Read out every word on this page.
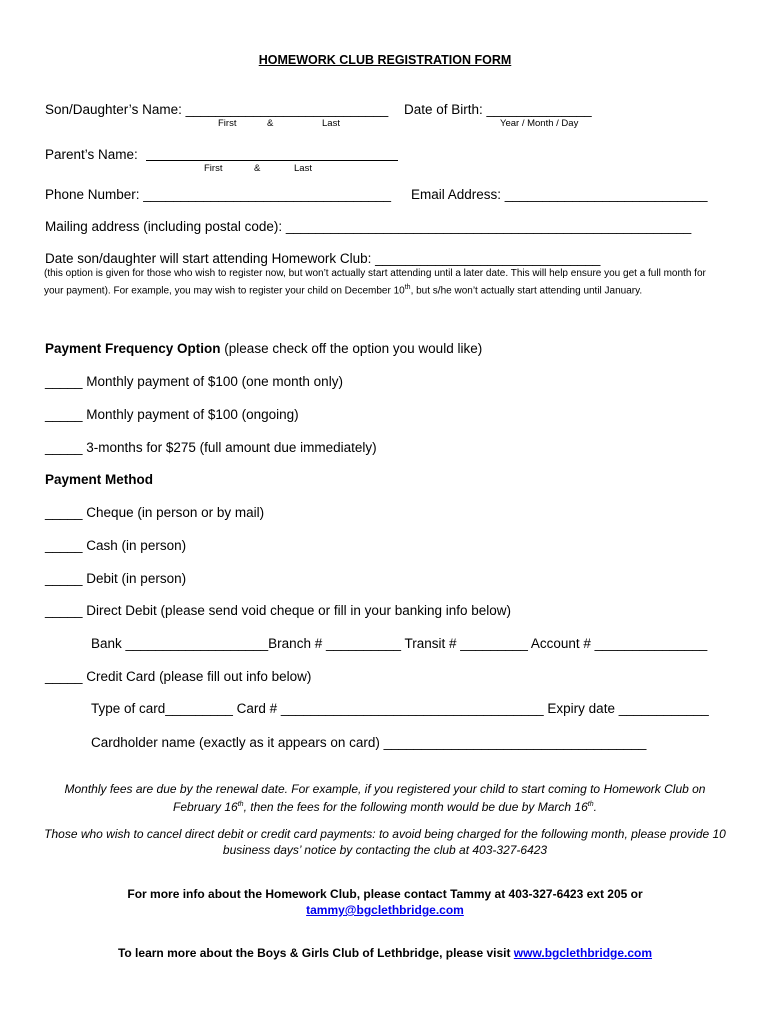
HOMEWORK CLUB REGISTRATION FORM
Son/Daughter’s Name: ___________________________
First	&	Last
Date of Birth: ______________
Year / Month / Day
Parent’s Name:
First	&	Last
Phone Number: _________________________________ Email Address: ___________________________
Mailing address (including postal code): ______________________________________________________
Date son/daughter will start attending Homework Club: ______________________________
(this option is given for those who wish to register now, but won’t actually start attending until a later date. This will help ensure you get a full month for your payment). For example, you may wish to register your child on December 10th, but s/he won’t actually start attending until January.
Payment Frequency Option (please check off the option you would like)
_____ Monthly payment of $100 (one month only)
_____ Monthly payment of $100 (ongoing)
_____ 3-months for $275 (full amount due immediately)
Payment Method
_____ Cheque (in person or by mail)
_____ Cash (in person)
_____ Debit (in person)
_____ Direct Debit (please send void cheque or fill in your banking info below)
Bank ___________________Branch # __________ Transit # _________ Account # _______________
_____ Credit Card (please fill out info below)
Type of card_________ Card # ___________________________________ Expiry date ____________
Cardholder name (exactly as it appears on card) ___________________________________
Monthly fees are due by the renewal date. For example, if you registered your child to start coming to Homework Club on February 16th, then the fees for the following month would be due by March 16th.
Those who wish to cancel direct debit or credit card payments: to avoid being charged for the following month, please provide 10 business days’ notice by contacting the club at 403-327-6423
For more info about the Homework Club, please contact Tammy at 403-327-6423 ext 205 or
tammy@bgclethbridge.com
To learn more about the Boys & Girls Club of Lethbridge, please visit www.bgclethbridge.com
